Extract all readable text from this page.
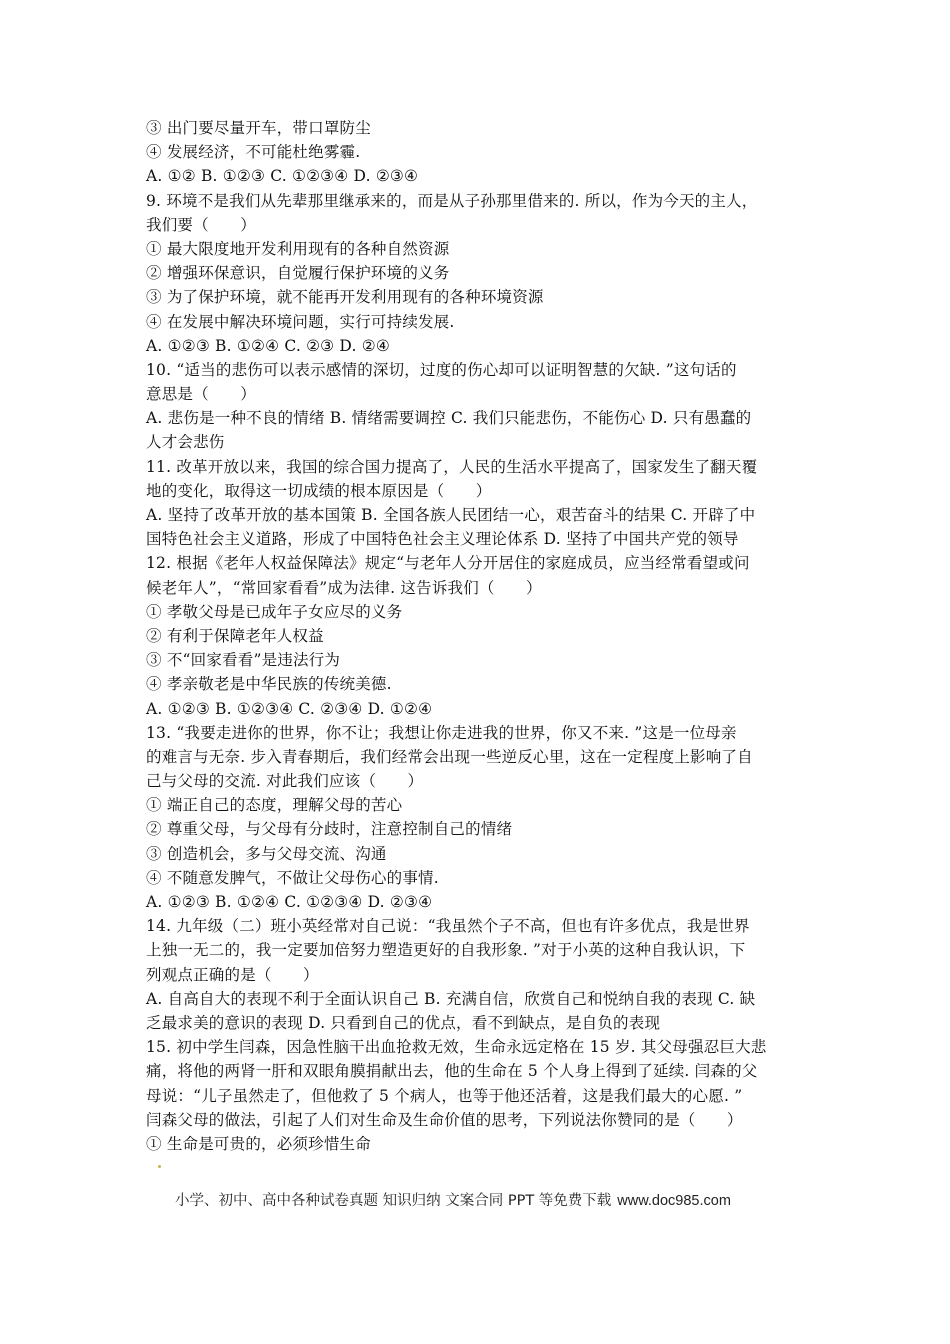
③ 出门要尽量开车，带口罩防尘
④ 发展经济，不可能杜绝雾霾.
A. ①② B. ①②③ C. ①②③④ D. ②③④
9. 环境不是我们从先辈那里继承来的，而是从子孙那里借来的. 所以，作为今天的主人，
我们要（　　）
① 最大限度地开发利用现有的各种自然资源
② 增强环保意识，自觉履行保护环境的义务
③ 为了保护环境，就不能再开发利用现有的各种环境资源
④ 在发展中解决环境问题，实行可持续发展.
A. ①②③ B. ①②④ C. ②③ D. ②④
10. “适当的悲伤可以表示感情的深切，过度的伤心却可以证明智慧的欠缺. ”这句话的
意思是（　　）
A. 悲伤是一种不良的情绪 B. 情绪需要调控 C. 我们只能悲伤，不能伤心 D. 只有愚蠢的
人才会悲伤
11. 改革开放以来，我国的综合国力提高了，人民的生活水平提高了，国家发生了翻天覆
地的变化，取得这一切成绩的根本原因是（　　）
A. 坚持了改革开放的基本国策 B. 全国各族人民团结一心，艰苦奋斗的结果 C. 开辟了中
国特色社会主义道路，形成了中国特色社会主义理论体系 D. 坚持了中国共产党的领导
12. 根据《老年人权益保障法》规定“与老年人分开居住的家庭成员，应当经常看望或问
候老年人”，“常回家看看”成为法律. 这告诉我们（　　）
① 孝敬父母是已成年子女应尽的义务
② 有利于保障老年人权益
③ 不“回家看看”是违法行为
④ 孝亲敬老是中华民族的传统美德.
A. ①②③ B. ①②③④ C. ②③④ D. ①②④
13. “我要走进你的世界，你不让；我想让你走进我的世界，你又不来. ”这是一位母亲
的难言与无奈. 步入青春期后，我们经常会出现一些逆反心里，这在一定程度上影响了自
己与父母的交流. 对此我们应该（　　）
① 端正自己的态度，理解父母的苦心
② 尊重父母，与父母有分歧时，注意控制自己的情绪
③ 创造机会，多与父母交流、沟通
④ 不随意发脾气，不做让父母伤心的事情.
A. ①②③ B. ①②④ C. ①②③④ D. ②③④
14. 九年级（二）班小英经常对自己说：“我虽然个子不高，但也有许多优点，我是世界
上独一无二的，我一定要加倍努力塑造更好的自我形象. ”对于小英的这种自我认识，下
列观点正确的是（　　）
A. 自高自大的表现不利于全面认识自己 B. 充满自信，欣赏自己和悦纳自我的表现 C. 缺
乏最求美的意识的表现 D. 只看到自己的优点，看不到缺点，是自负的表现
15. 初中学生闫森，因急性脑干出血抢救无效，生命永远定格在 15 岁. 其父母强忍巨大悲
痛，将他的两肾一肝和双眼角膜捐献出去，他的生命在 5 个人身上得到了延续. 闫森的父
母说：“儿子虽然走了，但他救了 5 个病人，也等于他还活着，这是我们最大的心愿. ”
闫森父母的做法，引起了人们对生命及生命价值的思考，下列说法你赞同的是（　　）
① 生命是可贵的，必须珍惜生命
小学、初中、高中各种试卷真题 知识归纳 文案合同 PPT 等免费下载 www.doc985.com
